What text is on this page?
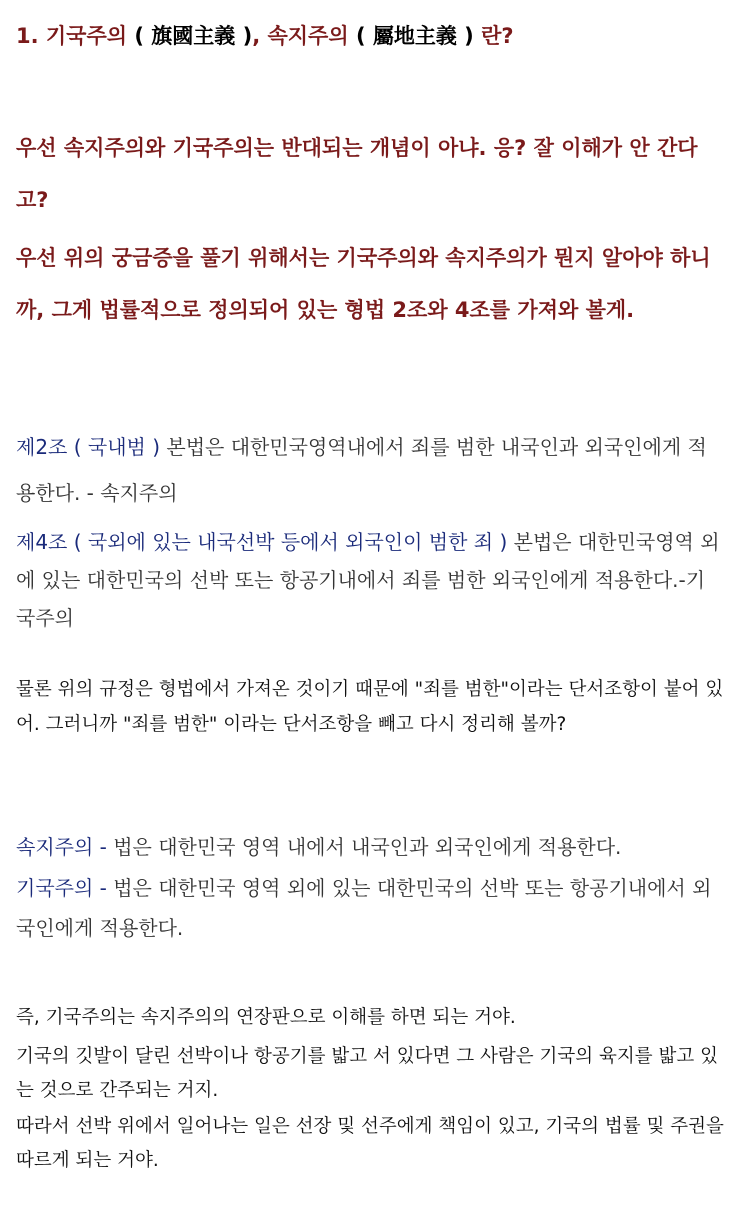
1. 기국주의 ( 旗國主義 ), 속지주의 ( 屬地主義 ) 란?

우선 속지주의와 기국주의는 반대되는 개념이 아냐. 응? 잘 이해가 안 간다고?

우선 위의 궁금증을 풀기 위해서는 기국주의와 속지주의가 뭔지 알아야 하니까, 그게 법률적으로 정의되어 있는 형법 2조와 4조를 가져와 볼게.

제2조 ( 국내범 ) 본법은 대한민국영역내에서 죄를 범한 내국인과 외국인에게 적용한다. - 속지주의

제4조 ( 국외에 있는 내국선박 등에서 외국인이 범한 죄 ) 본법은 대한민국영역 외에 있는 대한민국의 선박 또는 항공기내에서 죄를 범한 외국인에게 적용한다.-기국주의

물론 위의 규정은 형법에서 가져온 것이기 때문에 "죄를 범한"이라는 단서조항이 붙어 있어. 그러니까 "죄를 범한" 이라는 단서조항을 빼고 다시 정리해 볼까?

속지주의 - 법은 대한민국 영역 내에서 내국인과 외국인에게 적용한다.

기국주의 - 법은 대한민국 영역 외에 있는 대한민국의 선박 또는 항공기내에서 외국인에게 적용한다.

즉, 기국주의는 속지주의의 연장판으로 이해를 하면 되는 거야.

기국의 깃발이 달린 선박이나 항공기를 밟고 서 있다면 그 사람은 기국의 육지를 밟고 있는 것으로 간주되는 거지.

따라서 선박 위에서 일어나는 일은 선장 및 선주에게 책임이 있고, 기국의 법률 및 주권을 따르게 되는 거야.
